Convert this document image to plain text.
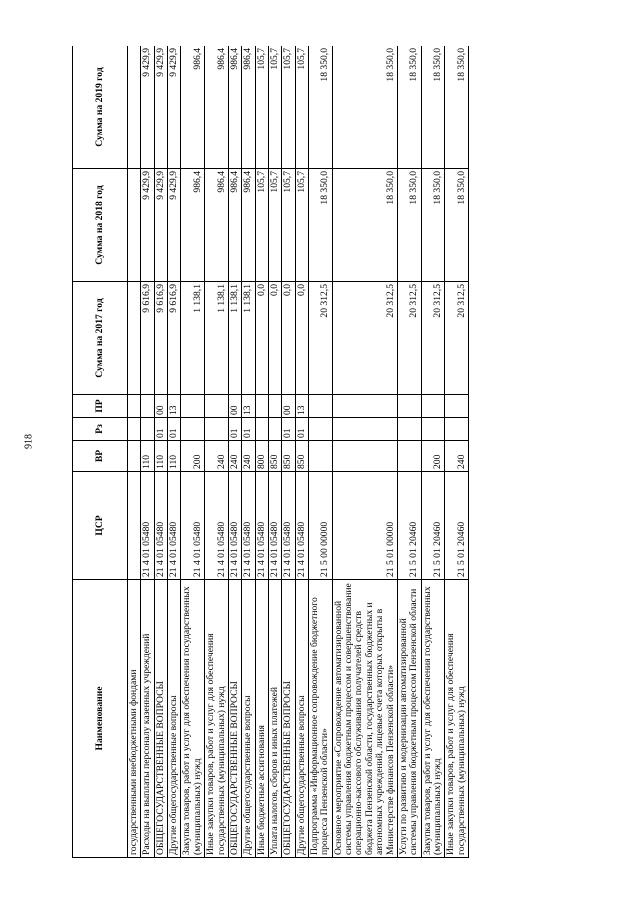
918
Наименование	ЦСР	ВР	Рз	ПР	Сумма на 2017 год	Сумма на 2018 год	Сумма на 2019 год
государственными внебюджетными фондами							
Расходы на выплаты персоналу казенных учреждений	21 4 01 05480	110			9 616,9	9 429,9	9 429,9
ОБЩЕГОСУДАРСТВЕННЫЕ ВОПРОСЫ	21 4 01 05480	110	01	00	9 616,9	9 429,9	9 429,9
Другие общегосударственные вопросы	21 4 01 05480	110	01	13	9 616,9	9 429,9	9 429,9
Закупка товаров, работ и услуг для обеспечения государственных (муниципальных) нужд	21 4 01 05480	200			1 138,1	986,4	986,4
Иные закупки товаров, работ и услуг для обеспечения государственных (муниципальных) нужд	21 4 01 05480	240			1 138,1	986,4	986,4
ОБЩЕГОСУДАРСТВЕННЫЕ ВОПРОСЫ	21 4 01 05480	240	01	00	1 138,1	986,4	986,4
Другие общегосударственные вопросы	21 4 01 05480	240	01	13	1 138,1	986,4	986,4
Иные бюджетные ассигнования	21 4 01 05480	800			0,0	105,7	105,7
Уплата налогов, сборов и иных платежей	21 4 01 05480	850			0,0	105,7	105,7
ОБЩЕГОСУДАРСТВЕННЫЕ ВОПРОСЫ	21 4 01 05480	850	01	00	0,0	105,7	105,7
Другие общегосударственные вопросы	21 4 01 05480	850	01	13	0,0	105,7	105,7
Подпрограмма «Информационное сопровождение бюджетного процесса Пензенской области»	21 5 00 00000				20 312,5	18 350,0	18 350,0
Основное мероприятие «Сопровождение автоматизированной системы управления бюджетным процессом и совершенствование операционно-кассового обслуживания получателей средств бюджета Пензенской области, государственных бюджетных и автономных учреждений, лицевые счета которых открыты в Министерстве финансов Пензенской области»	21 5 01 00000				20 312,5	18 350,0	18 350,0
Услуги по развитию и модернизации автоматизированной системы управления бюджетным процессом Пензенской области	21 5 01 20460				20 312,5	18 350,0	18 350,0
Закупка товаров, работ и услуг для обеспечения государственных (муниципальных) нужд	21 5 01 20460	200			20 312,5	18 350,0	18 350,0
Иные закупки товаров, работ и услуг для обеспечения государственных (муниципальных) нужд	21 5 01 20460	240			20 312,5	18 350,0	18 350,0
